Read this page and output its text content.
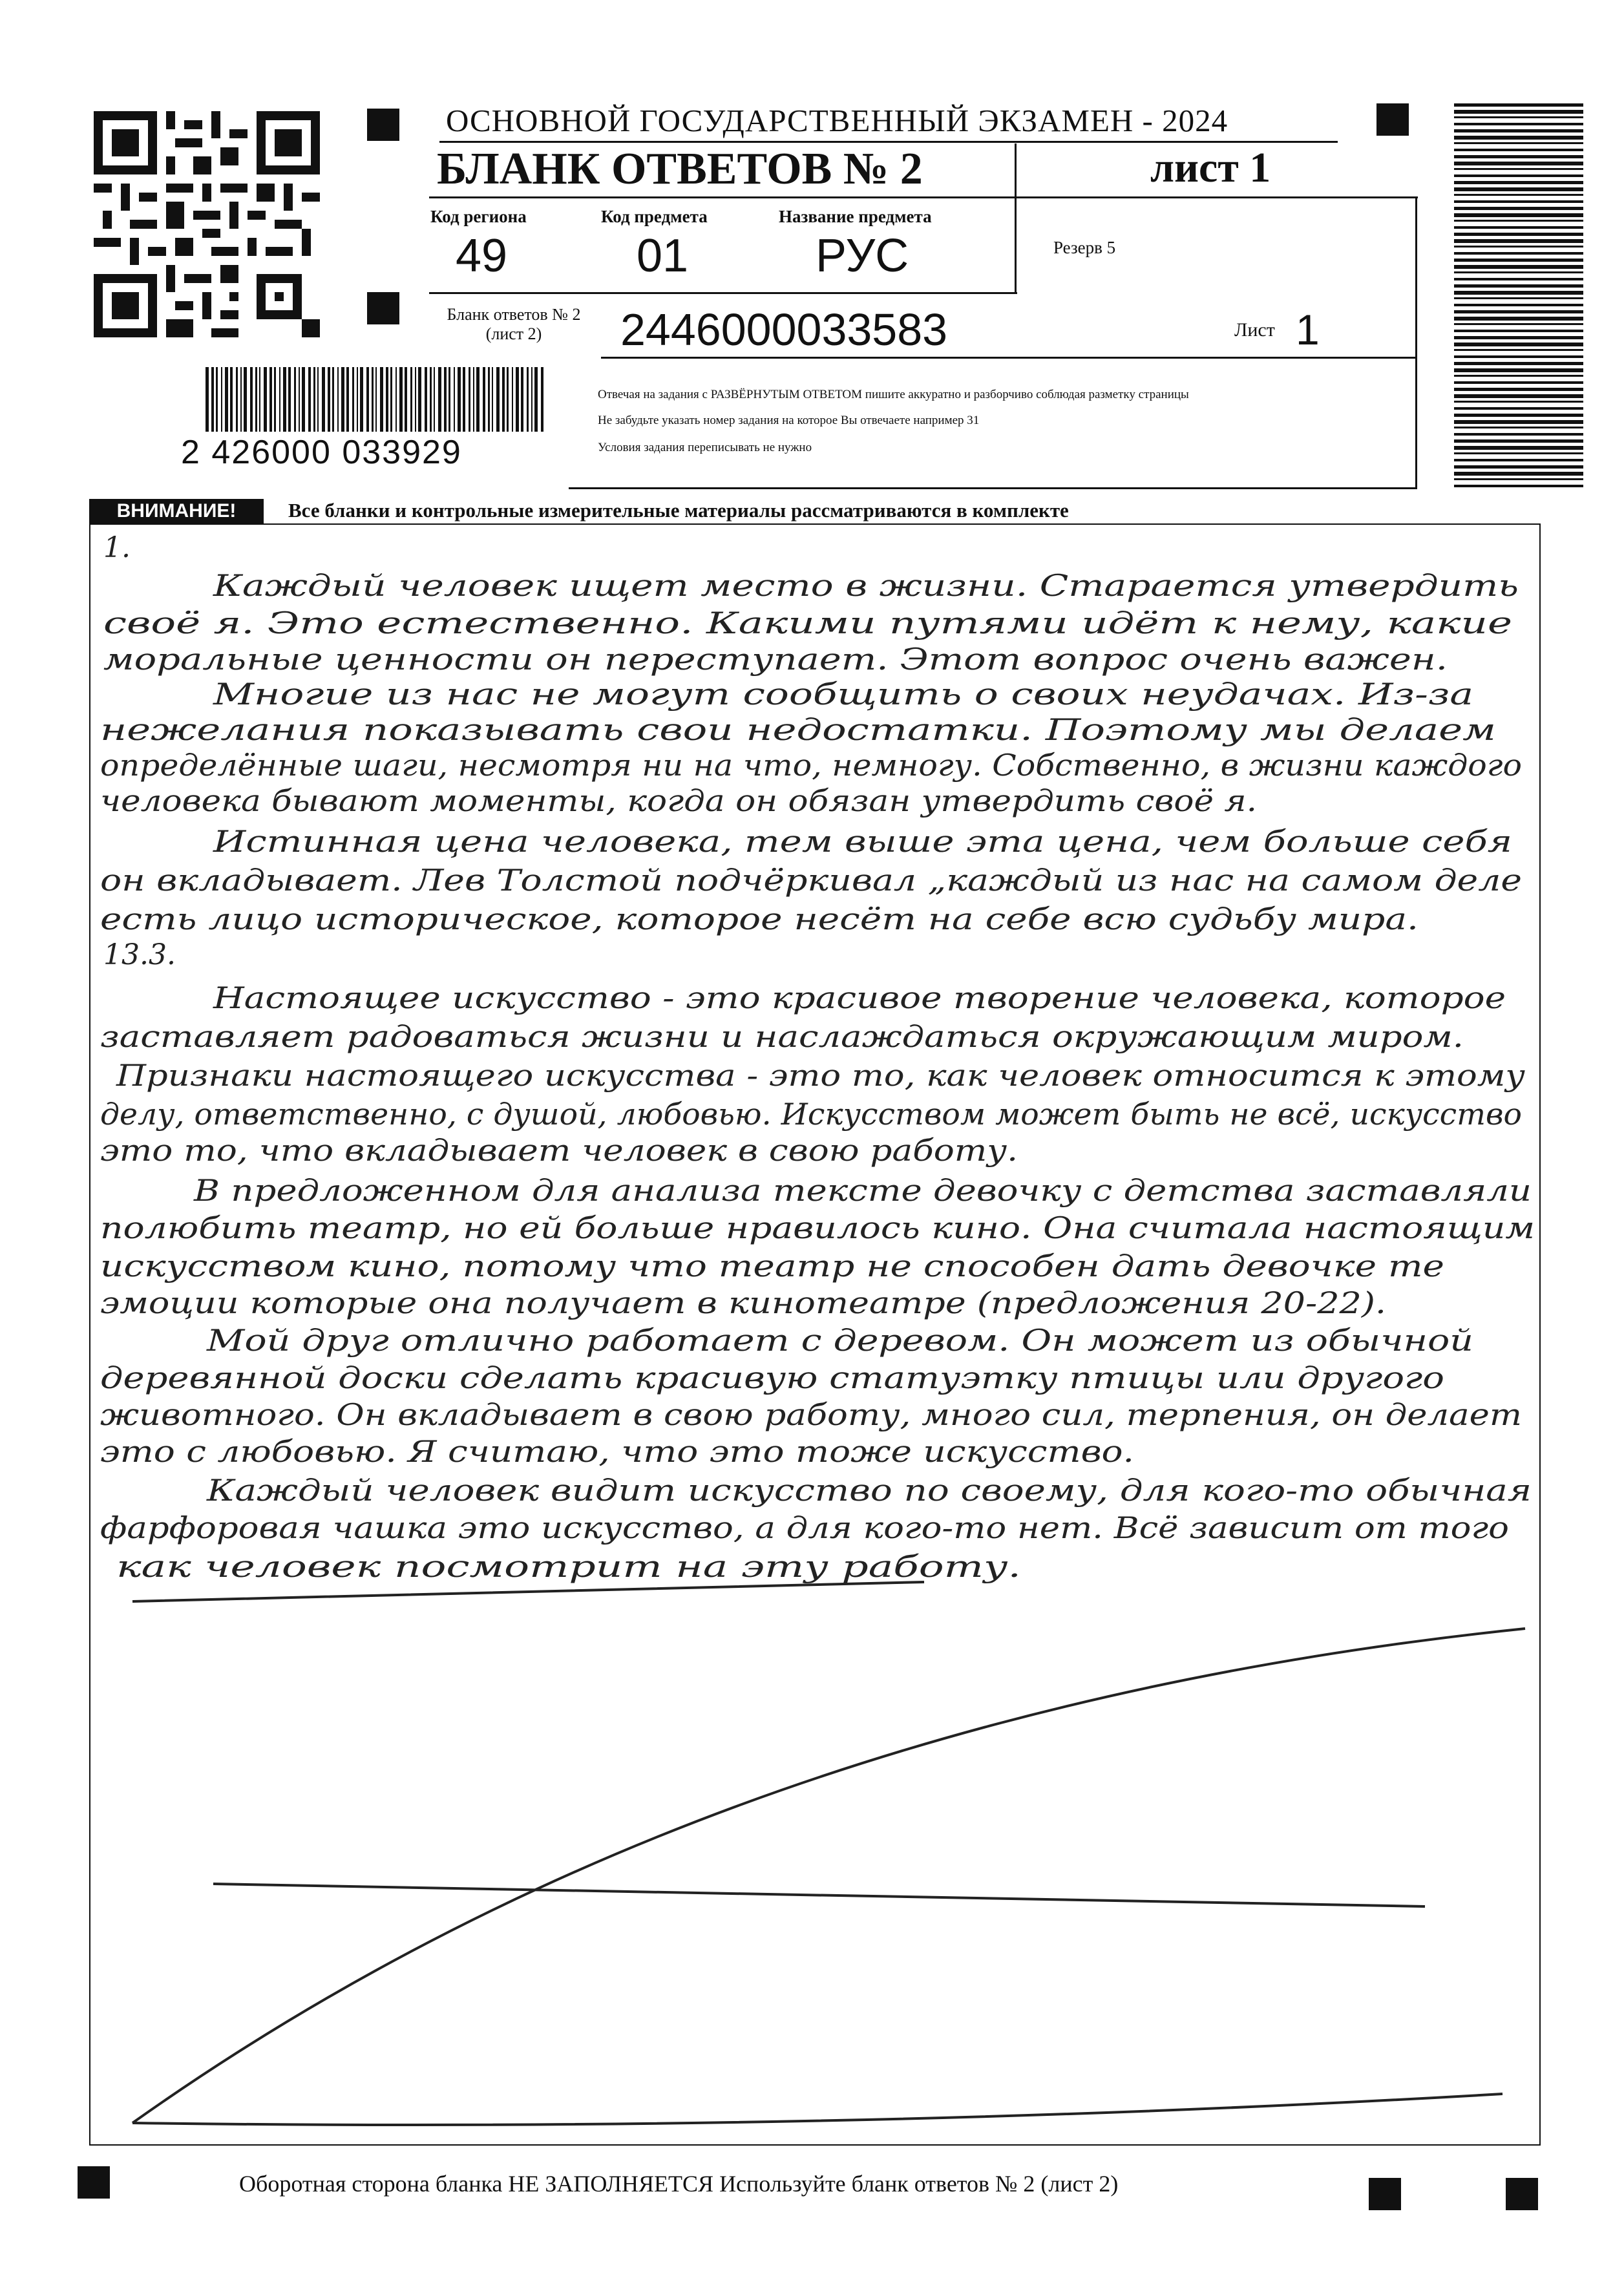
2 426000 033929
ОСНОВНОЙ ГОСУДАРСТВЕННЫЙ ЭКЗАМЕН - 2024
БЛАНК ОТВЕТОВ № 2	лист 1
Код региона
49
Код предмета
01
Название предмета
РУС	Резерв 5
Бланк ответов № 2
(лист 2)	2446000033583	Лист 1
Отвечая на задания с РАЗВЁРНУТЫМ ОТВЕТОМ пишите аккуратно и разборчиво соблюдая разметку страницы
Не забудьте указать номер задания на которое Вы отвечаете например 31
Условия задания переписывать не нужно
ВНИМАНИЕ!	Все бланки и контрольные измерительные материалы рассматриваются в комплекте
1.
Каждый человек ищет место в жизни. Старается утвердить
своё я. Это естественно. Какими путями идёт к нему, какие
моральные ценности он переступает. Этот вопрос очень важен.
Многие из нас не могут сообщить о своих неудачах. Из-за
нежелания показывать свои недостатки. Поэтому мы делаем
определённые шаги, несмотря ни на что, немногу. Собственно, в жизни каждого
человека бывают моменты, когда он обязан утвердить своё я.
Истинная цена человека, тем выше эта цена, чем больше себя
он вкладывает. Лев Толстой подчёркивал „каждый из нас на самом деле
есть лицо историческое, которое несёт на себе всю судьбу мира.
13.3.
Настоящее искусство - это красивое творение человека, которое
заставляет радоваться жизни и наслаждаться окружающим миром.
Признаки настоящего искусства - это то, как человек относится к этому
делу, ответственно, с душой, любовью. Искусством может быть не всё, искусство
это то, что вкладывает человек в свою работу.
В предложенном для анализа тексте девочку с детства заставляли
полюбить театр, но ей больше нравилось кино. Она считала настоящим
искусством кино, потому что театр не способен дать девочке те
эмоции которые она получает в кинотеатре (предложения 20-22).
Мой друг отлично работает с деревом. Он может из обычной
деревянной доски сделать красивую статуэтку птицы или другого
животного. Он вкладывает в свою работу, много сил, терпения, он делает
это с любовью. Я считаю, что это тоже искусство.
Каждый человек видит искусство по своему, для кого-то обычная
фарфоровая чашка это искусство, а для кого-то нет. Всё зависит от того
как человек посмотрит на эту работу.
Оборотная сторона бланка НЕ ЗАПОЛНЯЕТСЯ Используйте бланк ответов № 2 (лист 2)
